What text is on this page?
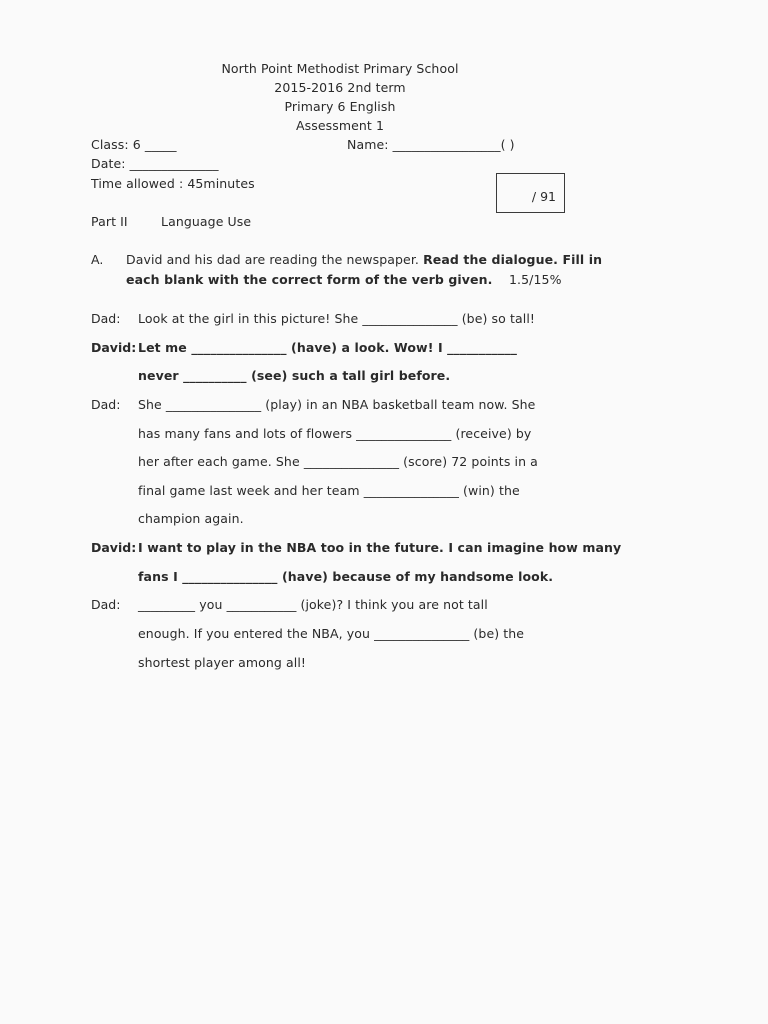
North Point Methodist Primary School
2015-2016 2nd term
Primary 6 English
Assessment 1
Class: 6 _____	Name: _________________( )
Date: ______________
Time allowed : 45minutes
/ 91
Part II	Language Use
A. David and his dad are reading the newspaper. Read the dialogue. Fill in
each blank with the correct form of the verb given. 1.5/15%
Dad: Look at the girl in this picture! She _______________ (be) so tall!
David: Let me _______________ (have) a look. Wow! I ___________
never __________ (see) such a tall girl before.
Dad: She _______________ (play) in an NBA basketball team now. She
has many fans and lots of flowers _______________ (receive) by
her after each game. She _______________ (score) 72 points in a
final game last week and her team _______________ (win) the
champion again.
David: I want to play in the NBA too in the future. I can imagine how many
fans I _______________ (have) because of my handsome look.
Dad: _________ you ___________ (joke)? I think you are not tall
enough. If you entered the NBA, you _______________ (be) the
shortest player among all!
